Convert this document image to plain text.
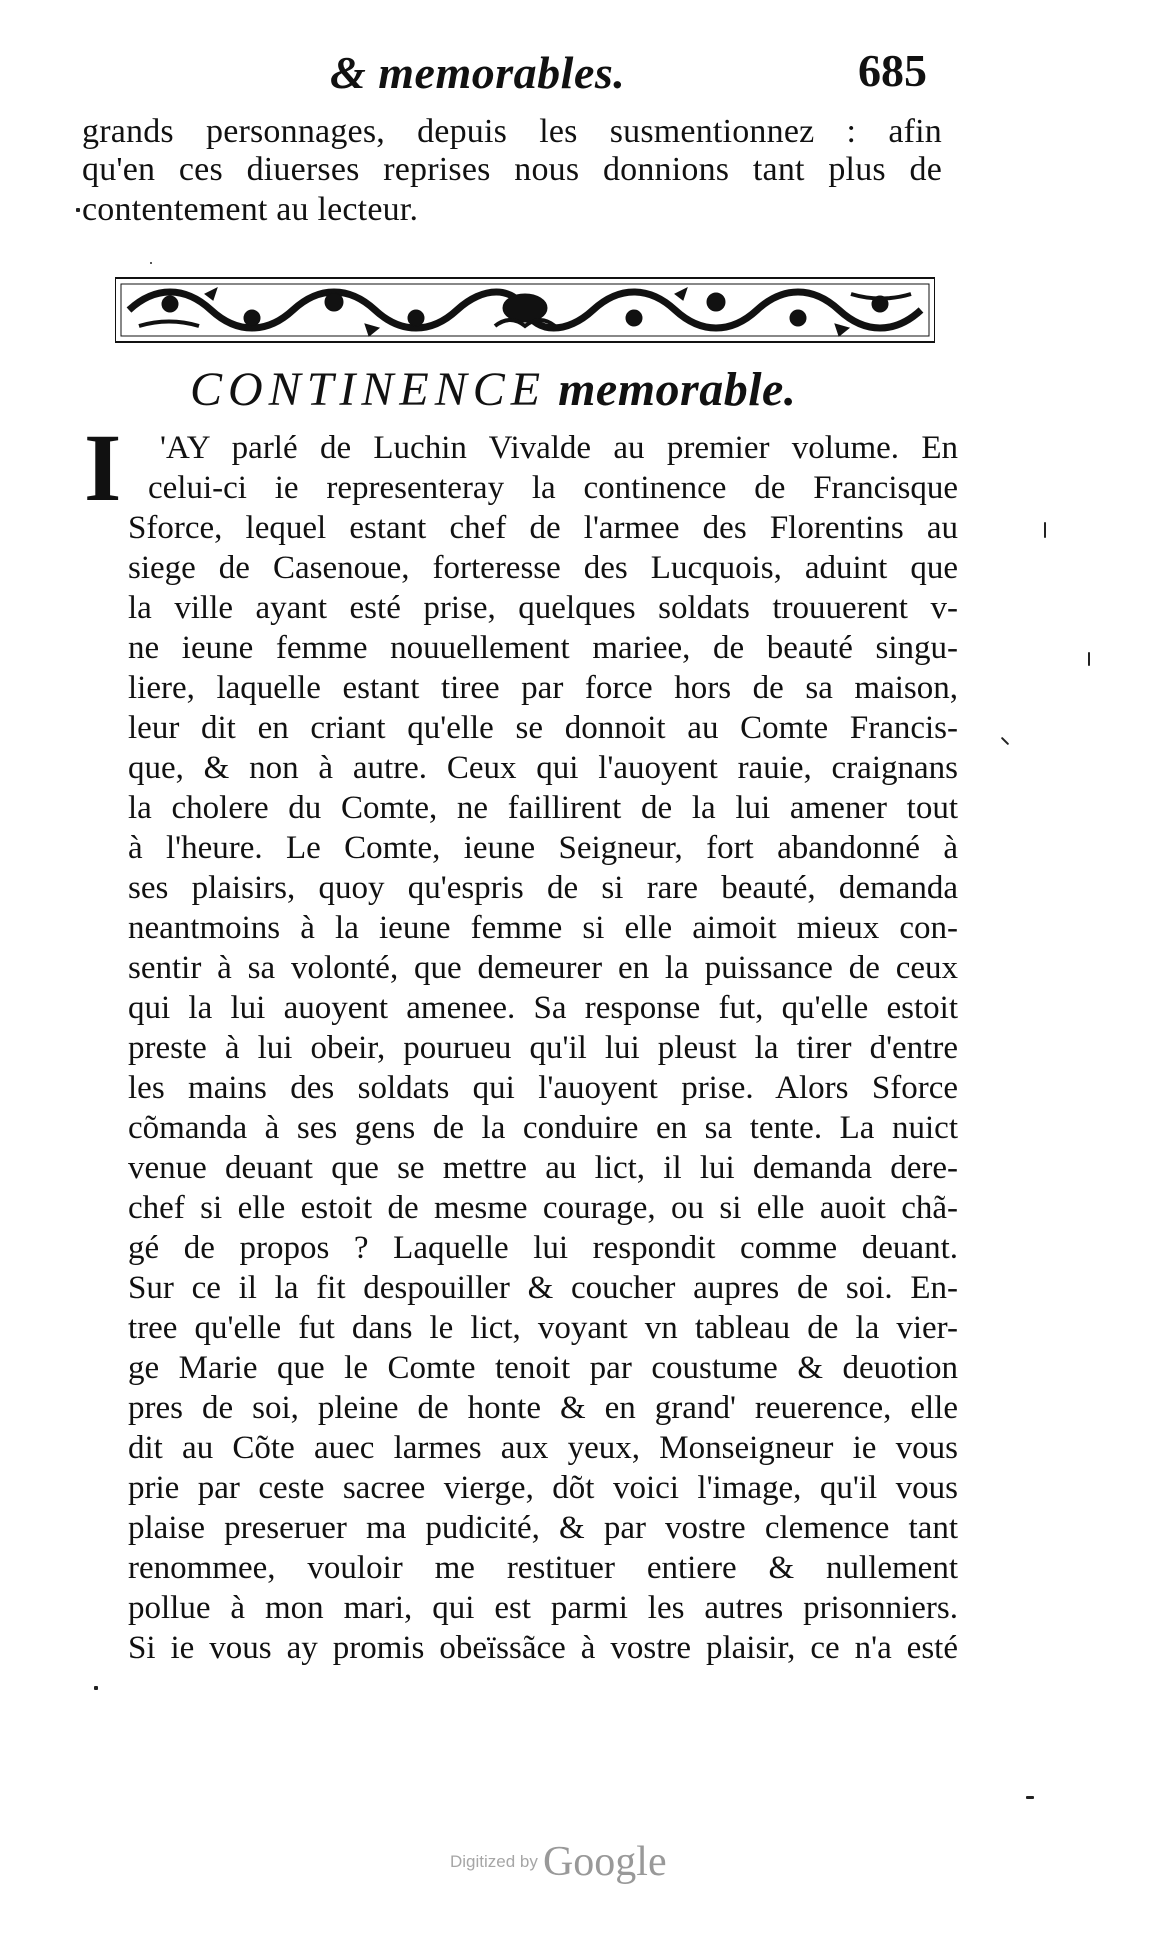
& memorables.	685
grands personnages, depuis les susmentionnez : afin
qu'en ces diuerses reprises nous donnions tant plus de
contentement au lecteur.
CONTINENCE memorable.
I 'AY parlé de Luchin Vivalde au premier volume. En
celui-ci ie representeray la continence de Francisque
Sforce, lequel estant chef de l'armee des Florentins au
siege de Casenoue, forteresse des Lucquois, aduint que
la ville ayant esté prise, quelques soldats trouuerent v-
ne ieune femme nouuellement mariee, de beauté singu-
liere, laquelle estant tiree par force hors de sa maison,
leur dit en criant qu'elle se donnoit au Comte Francis-
que, & non à autre. Ceux qui l'auoyent rauie, craignans
la cholere du Comte, ne faillirent de la lui amener tout
à l'heure. Le Comte, ieune Seigneur, fort abandonné à
ses plaisirs, quoy qu'espris de si rare beauté, demanda
neantmoins à la ieune femme si elle aimoit mieux con-
sentir à sa volonté, que demeurer en la puissance de ceux
qui la lui auoyent amenee. Sa response fut, qu'elle estoit
preste à lui obeir, pourueu qu'il lui pleust la tirer d'entre
les mains des soldats qui l'auoyent prise. Alors Sforce
cõmanda à ses gens de la conduire en sa tente. La nuict
venue deuant que se mettre au lict, il lui demanda dere-
chef si elle estoit de mesme courage, ou si elle auoit chã-
gé de propos ? Laquelle lui respondit comme deuant.
Sur ce il la fit despouiller & coucher aupres de soi. En-
tree qu'elle fut dans le lict, voyant vn tableau de la vier-
ge Marie que le Comte tenoit par coustume & deuotion
pres de soi, pleine de honte & en grand' reuerence, elle
dit au Cõte auec larmes aux yeux, Monseigneur ie vous
prie par ceste sacree vierge, dõt voici l'image, qu'il vous
plaise preseruer ma pudicité, & par vostre clemence tant
renommee, vouloir me restituer entiere & nullement
pollue à mon mari, qui est parmi les autres prisonniers.
Si ie vous ay promis obeïssãce à vostre plaisir, ce n'a esté
Digitized by Google
